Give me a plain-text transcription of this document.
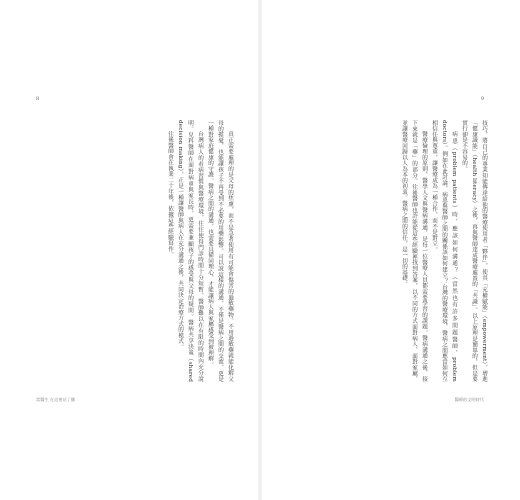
8

真正需要處理的是父母的焦慮，而不是急著使用有可能會傷害的過敏藥物。不用過敏藥就能化解父母的擔憂，也能讓孩子不再受到不必要的用藥影響。可以說這樣的溝通，不僅是醫病之間的交流，更是一種對家庭健康的守護。醫病之間的溝通，也需要具備同理心，才能讓病人與家屬感受到被理解。

台灣病人的看病習慣與醫療環境，往往使得門診時間十分短暫，醫師難以在有限的時間內充分說明。兒科醫師在面對病童與家長時，更需要兼顧孩子的感受與父母的疑問。醫病共享決策（shared decision making），正是一種讓醫師與病人在充分溝通之後，共同決定治療方式的模式。

往後醫師會在執業二十年後，依據這些經驗寫作。

當醫生 在這裡站了腳
9

技巧，將自己的專業知能傳達給他的醫療使用者「夥伴」，使其「充權賦能」（empowerment），增進「健康識能」（health literacy）之後，再與醫師達成醫療處置的「共識」。以上原理是簡單的，但是要實行卻是不容易的。

病患（problem patients）時，應該如何溝通？（當然也有許多問題醫師，problem doctors）。例如在此討論，病患與醫師之間的關係該如何建立？台灣的醫療環境，醫病之間應當如何互相信任與尊重，讓醫療成為一種合作，而不是對立。

醫療倫理的原則、醫學人文與醫病溝通，是每一位醫療人員都需要學習的課題。醫病溝通之後，接下來就是「藥」的部分。往後醫師也許能從這些經驗裡找到答案，以不同的方式面對病人，面對家屬，並讓醫療回歸以人為本的初衷。醫病之間的信任，是一切的基礎。

醫療的文明時代
